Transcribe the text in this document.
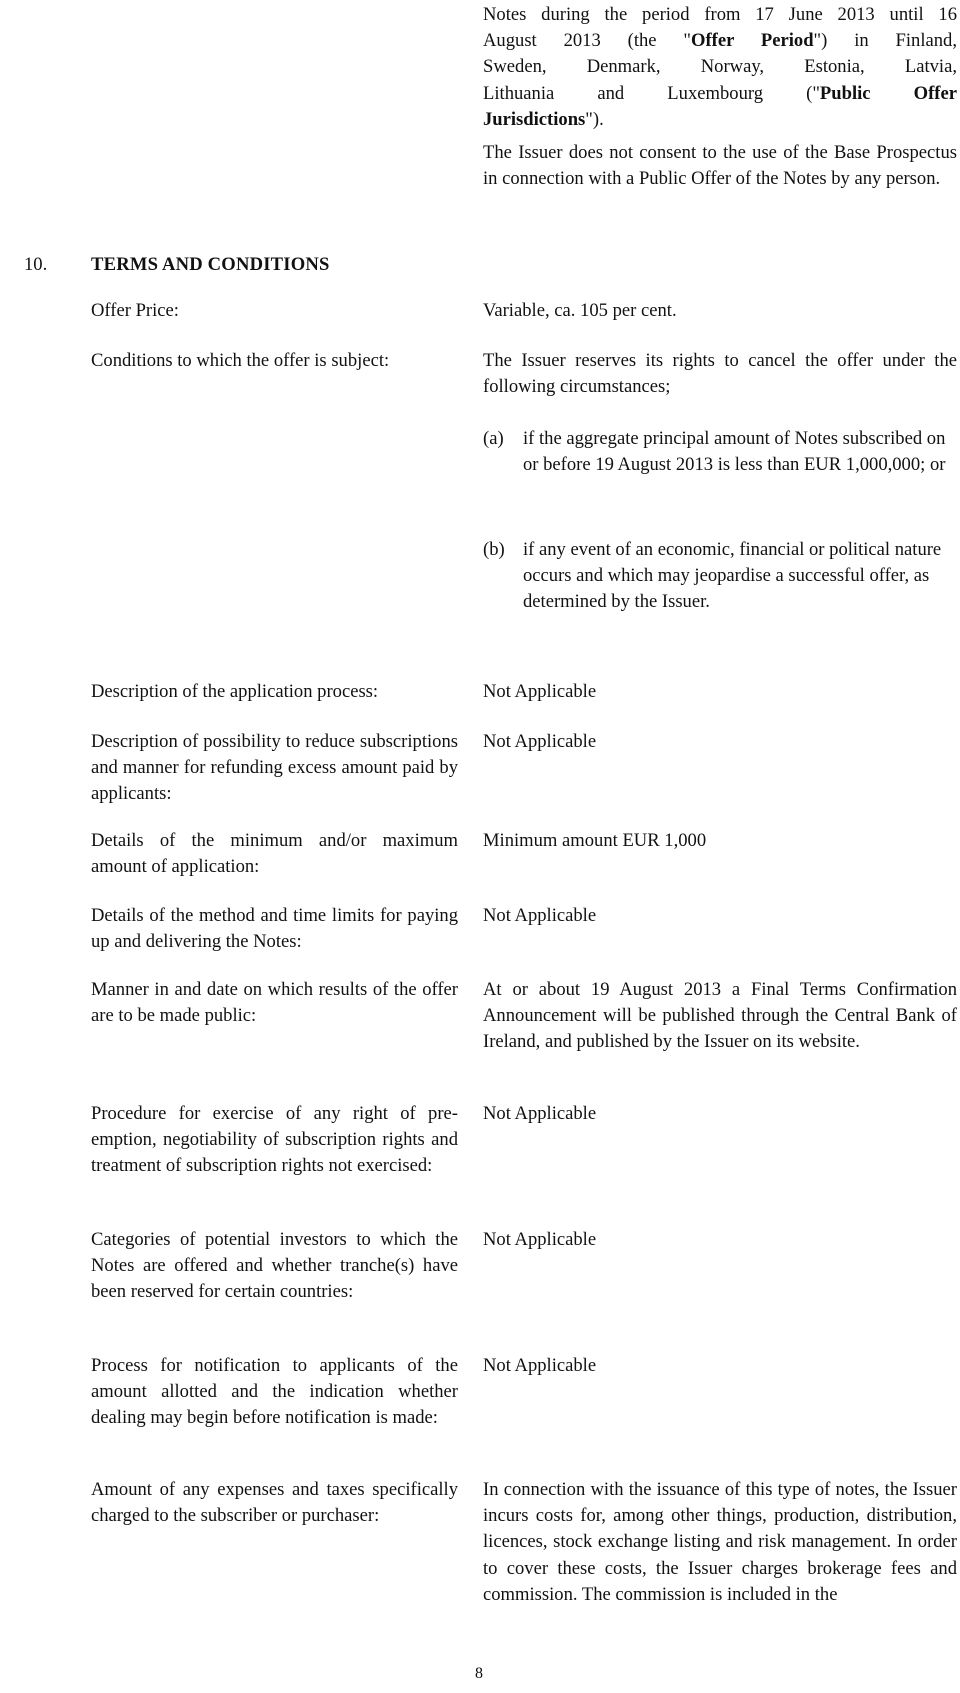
Notes during the period from 17 June 2013 until 16
August 2013 (the "Offer Period") in Finland,
Sweden, Denmark, Norway, Estonia, Latvia,
Lithuania and Luxembourg ("Public Offer
Jurisdictions").
The Issuer does not consent to the use of the Base Prospectus in connection with a Public Offer of the Notes by any person.
10. TERMS AND CONDITIONS
Offer Price:	Variable, ca. 105 per cent.
Conditions to which the offer is subject:	The Issuer reserves its rights to cancel the offer under the following circumstances;
(a) if the aggregate principal amount of Notes subscribed on or before 19 August 2013 is less than EUR 1,000,000; or
(b) if any event of an economic, financial or political nature occurs and which may jeopardise a successful offer, as determined by the Issuer.
Description of the application process:	Not Applicable
Description of possibility to reduce subscriptions and manner for refunding excess amount paid by applicants:
Not Applicable
Details of the minimum and/or maximum amount of application:
Minimum amount EUR 1,000
Details of the method and time limits for paying up and delivering the Notes:
Not Applicable
Manner in and date on which results of the offer are to be made public:
At or about 19 August 2013 a Final Terms Confirmation Announcement will be published through the Central Bank of Ireland, and published by the Issuer on its website.
Procedure for exercise of any right of pre-emption, negotiability of subscription rights and treatment of subscription rights not exercised:
Not Applicable
Categories of potential investors to which the Notes are offered and whether tranche(s) have been reserved for certain countries:
Not Applicable
Process for notification to applicants of the amount allotted and the indication whether dealing may begin before notification is made:
Not Applicable
Amount of any expenses and taxes specifically charged to the subscriber or purchaser:
In connection with the issuance of this type of notes, the Issuer incurs costs for, among other things, production, distribution, licences, stock exchange listing and risk management. In order to cover these costs, the Issuer charges brokerage fees and commission. The commission is included in the
8
